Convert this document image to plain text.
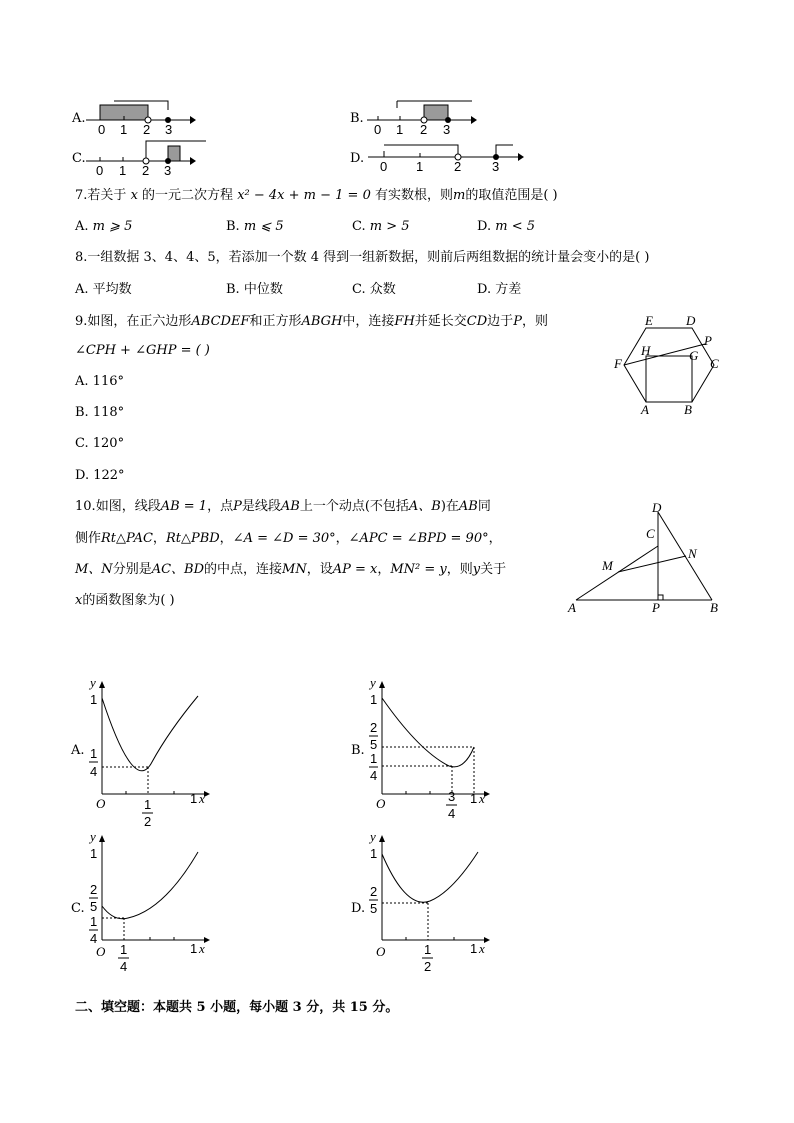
A.
0 1 2 3
B.
0 1 2 3
C.
0 1 2 3
D.
0 1 2 3
7.若关于 x 的一元二次方程 x² − 4x + m − 1 = 0 有实数根，则m的取值范围是( )
A. m ⩾ 5	B. m ⩽ 5	C. m > 5	D. m < 5
8.一组数据 3、4、4、5，若添加一个数 4 得到一组新数据，则前后两组数据的统计量会变小的是( )
A. 平均数	B. 中位数	C. 众数	D. 方差
9.如图，在正六边形ABCDEF和正方形ABGH中，连接FH并延长交CD边于P，则
∠CPH + ∠GHP = ( )
A. 116°
B. 118°
C. 120°
D. 122°
E	D
P
H	G
F	C
A	B
10.如图，线段AB = 1，点P是线段AB上一个动点(不包括A、B)在AB同
侧作Rt△PAC，Rt△PBD，∠A = ∠D = 30°，∠APC = ∠BPD = 90°，
M、N分别是AC、BD的中点，连接MN，设AP = x，MN² = y，则y关于
x的函数图象为( )
D
C
N
M
A	P	B
A.
y
1
1
4
O	1
2
1 x
B.
y
1
2
5
1
4
O	3
4
1 x
C.
y
1
2
5
1
4
O 1
4
1 x
D.
y
1
2
5
O	1
2
1 x
二、填空题：本题共 5 小题，每小题 3 分，共 15 分。
